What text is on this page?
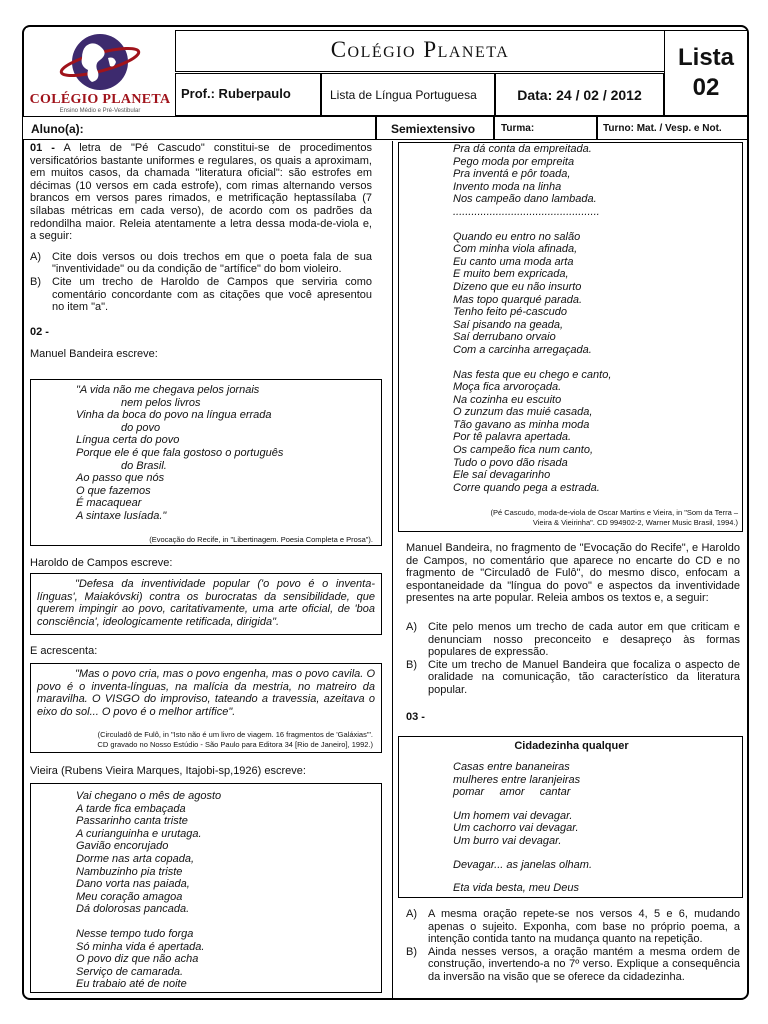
COLÉGIO PLANETA
Ensino Médio e Pré-Vestibular
Colégio Planeta	Lista
02
Prof.: Ruberpaulo	Lista de Língua Portuguesa	Data: 24 / 02 / 2012
Aluno(a):	Semiextensivo	Turma:	Turno: Mat. / Vesp. e Not.

01 - A letra de "Pé Cascudo" constitui-se de procedimentos versificatórios bastante uniformes e regulares, os quais a aproximam, em muitos casos, da chamada "literatura oficial": são estrofes em décimas (10 versos em cada estrofe), com rimas alternando versos brancos em versos pares rimados, e metrificação heptassílaba (7 sílabas métricas em cada verso), de acordo com os padrões da redondilha maior. Releia atentamente a letra dessa moda-de-viola e, a seguir:

A)	Cite dois versos ou dois trechos em que o poeta fala de sua "inventividade" ou da condição de "artífice" do bom violeiro.
B)	Cite um trecho de Haroldo de Campos que serviria como comentário concordante com as citações que você apresentou no item "a".

02 -

Manuel Bandeira escreve:

"A vida não me chegava pelos jornais

nem pelos livros

Vinha da boca do povo na língua errada

do povo

Língua certa do povo

Porque ele é que fala gostoso o português

do Brasil.

Ao passo que nós

O que fazemos

É macaquear

A sintaxe lusíada."

(Evocação do Recife, in "Libertinagem. Poesia Completa e Prosa").

Haroldo de Campos escreve:

"Defesa da inventividade popular ('o povo é o inventa-línguas', Maiakóvski) contra os burocratas da sensibilidade, que querem impingir ao povo, caritativamente, uma arte oficial, de 'boa consciência', ideologicamente retificada, dirigida".

E acrescenta:

"Mas o povo cria, mas o povo engenha, mas o povo cavila. O povo é o inventa-línguas, na malícia da mestria, no matreiro da maravilha. O VISGO do improviso, tateando a travessia, azeitava o eixo do sol... O povo é o melhor artífice".

(Circuladô de Fulô, in "Isto não é um livro de viagem. 16 fragmentos de 'Galáxias'".
CD gravado no Nosso Estúdio - São Paulo para Editora 34 [Rio de Janeiro], 1992.)

Vieira (Rubens Vieira Marques, Itajobi-sp,1926) escreve:

Vai chegano o mês de agosto

A tarde fica embaçada

Passarinho canta triste

A curianguinha e urutaga.

Gavião encorujado

Dorme nas arta copada,

Nambuzinho pia triste

Dano vorta nas paiada,

Meu coração amagoa

Dá dolorosas pancada.

Nesse tempo tudo forga

Só minha vida é apertada.

O povo diz que não acha

Serviço de camarada.

Eu trabaio até de noite

Pra dá conta da empreitada.

Pego moda por empreita

Pra inventá e pôr toada,

Invento moda na linha

Nos campeão dano lambada.

................................................

Quando eu entro no salão

Com minha viola afinada,

Eu canto uma moda arta

E muito bem expricada,

Dizeno que eu não insurto

Mas topo quarqué parada.

Tenho feito pé-cascudo

Saí pisando na geada,

Saí derrubano orvaio

Com a carcinha arregaçada.

Nas festa que eu chego e canto,

Moça fica arvoroçada.

Na cozinha eu escuito

O zunzum das muié casada,

Tão gavano as minha moda

Por tê palavra apertada.

Os campeão fica num canto,

Tudo o povo dão risada

Ele saí devagarinho

Corre quando pega a estrada.

(Pé Cascudo, moda-de-viola de Oscar Martins e Vieira, in "Som da Terra –
Vieira & Vieirinha". CD 994902-2, Warner Music Brasil, 1994.)

Manuel Bandeira, no fragmento de "Evocação do Recife", e Haroldo de Campos, no comentário que aparece no encarte do CD e no fragmento de "Circuladô de Fulô", do mesmo disco, enfocam a espontaneidade da "língua do povo" e aspectos da inventividade presentes na arte popular. Releia ambos os textos e, a seguir:

A)	Cite pelo menos um trecho de cada autor em que criticam e denunciam nosso preconceito e desapreço às formas populares de expressão.
B)	Cite um trecho de Manuel Bandeira que focaliza o aspecto de oralidade na comunicação, tão característico da literatura popular.

03 -

Cidadezinha qualquer

Casas entre bananeiras

mulheres entre laranjeiras

pomar     amor     cantar

Um homem vai devagar.

Um cachorro vai devagar.

Um burro vai devagar.

Devagar... as janelas olham.

Eta vida besta, meu Deus

A)	A mesma oração repete-se nos versos 4, 5 e 6, mudando apenas o sujeito. Exponha, com base no próprio poema, a intenção contida tanto na mudança quanto na repetição.
B)	Ainda nesses versos, a oração mantém a mesma ordem de construção, invertendo-a no 7º verso. Explique a consequência da inversão na visão que se oferece da cidadezinha.
